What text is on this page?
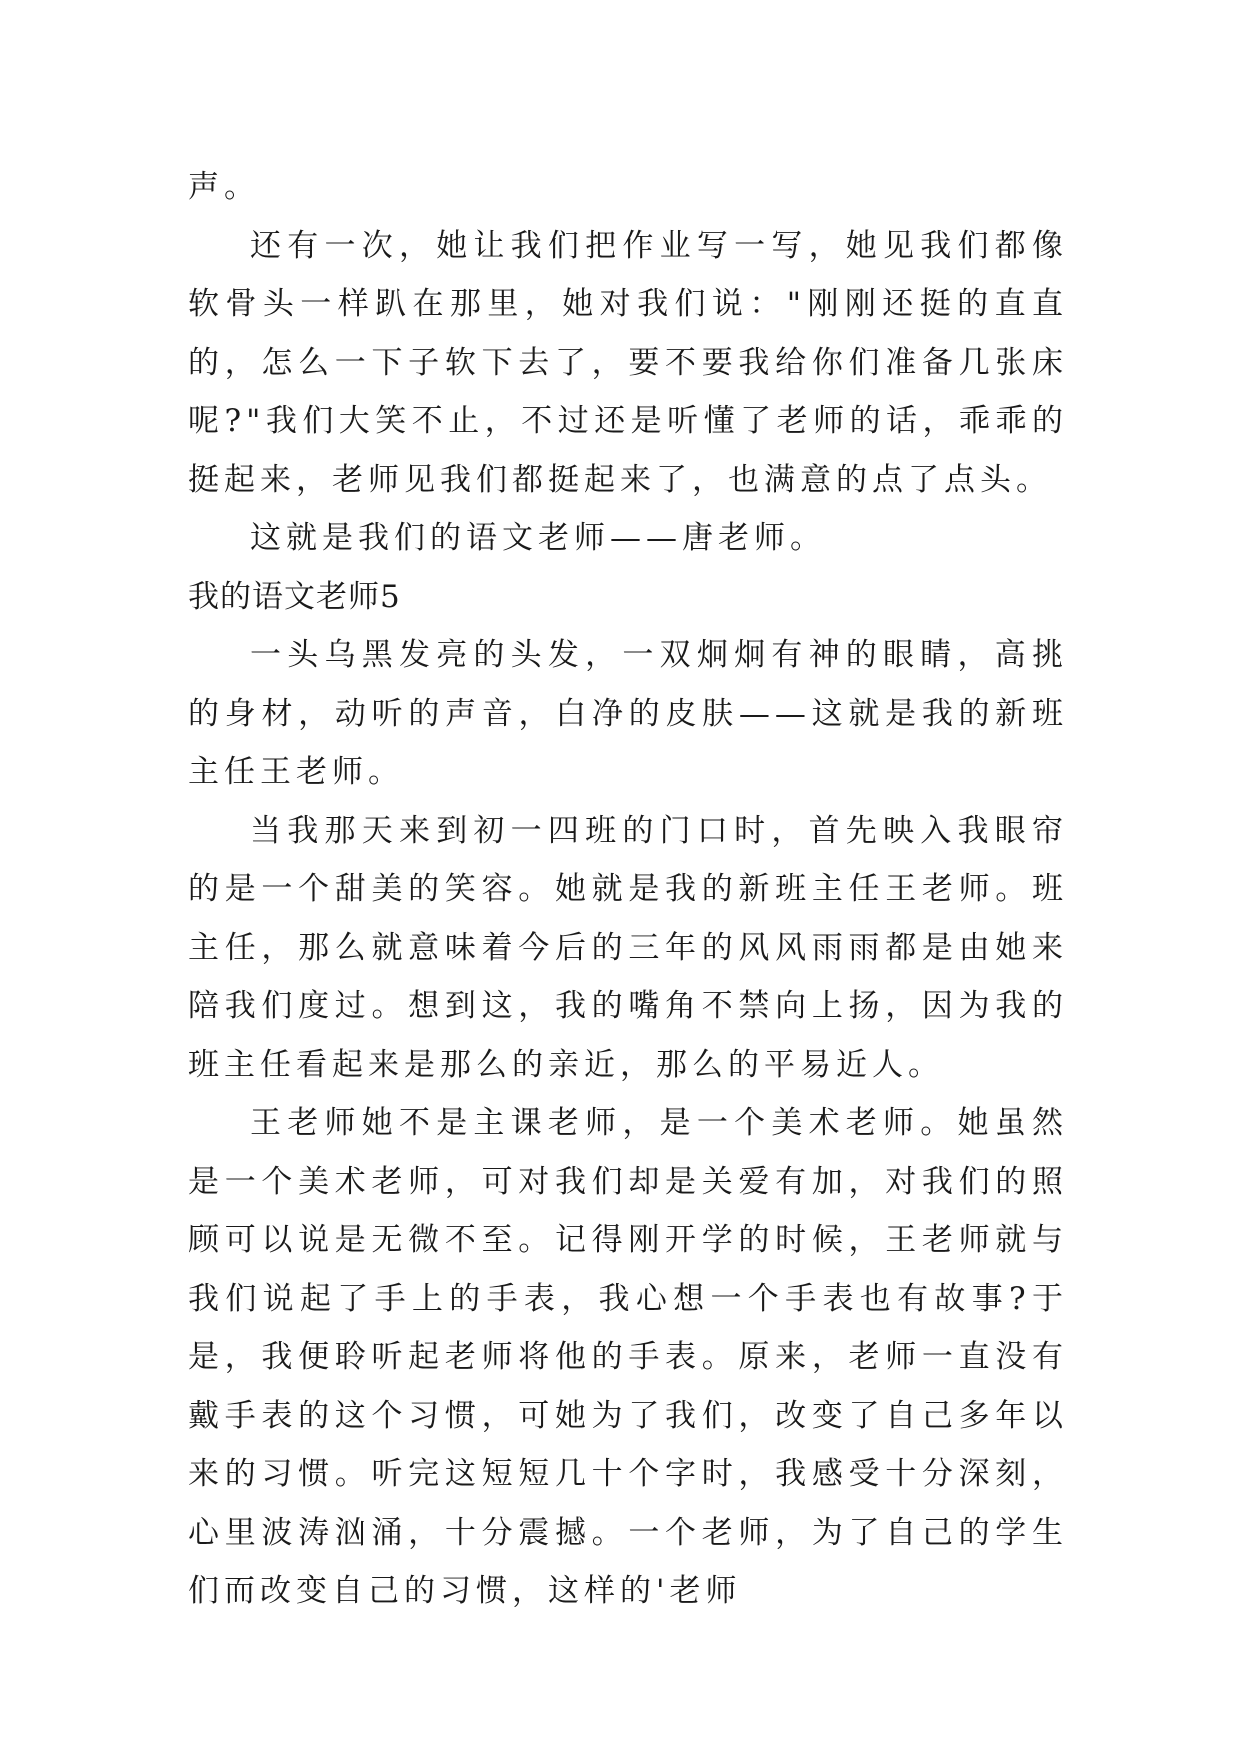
声。

还有一次，她让我们把作业写一写，她见我们都像软骨头一样趴在那里，她对我们说："刚刚还挺的直直的，怎么一下子软下去了，要不要我给你们准备几张床呢?"我们大笑不止，不过还是听懂了老师的话，乖乖的挺起来，老师见我们都挺起来了，也满意的点了点头。

这就是我们的语文老师——唐老师。

我的语文老师5

一头乌黑发亮的头发，一双炯炯有神的眼睛，高挑的身材，动听的声音，白净的皮肤——这就是我的新班主任王老师。

当我那天来到初一四班的门口时，首先映入我眼帘的是一个甜美的笑容。她就是我的新班主任王老师。班主任，那么就意味着今后的三年的风风雨雨都是由她来陪我们度过。想到这，我的嘴角不禁向上扬，因为我的班主任看起来是那么的亲近，那么的平易近人。

王老师她不是主课老师，是一个美术老师。她虽然是一个美术老师，可对我们却是关爱有加，对我们的照顾可以说是无微不至。记得刚开学的时候，王老师就与我们说起了手上的手表，我心想一个手表也有故事?于是，我便聆听起老师将他的手表。原来，老师一直没有戴手表的这个习惯，可她为了我们，改变了自己多年以来的习惯。听完这短短几十个字时，我感受十分深刻，心里波涛汹涌，十分震撼。一个老师，为了自己的学生们而改变自己的习惯，这样的'老师
